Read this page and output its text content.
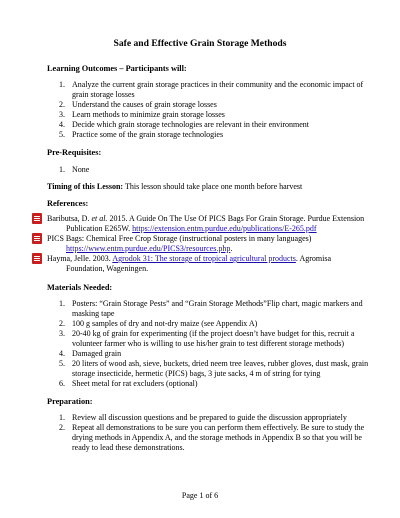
Safe and Effective Grain Storage Methods
Learning Outcomes – Participants will:
1. Analyze the current grain storage practices in their community and the economic impact of
grain storage losses
2. Understand the causes of grain storage losses
3. Learn methods to minimize grain storage losses
4. Decide which grain storage technologies are relevant in their environment
5. Practice some of the grain storage technologies
Pre-Requisites:
1. None
Timing of this Lesson: This lesson should take place one month before harvest
References:
Baributsa, D. et al. 2015. A Guide On The Use Of PICS Bags For Grain Storage. Purdue Extension
Publication E265W. https://extension.entm.purdue.edu/publications/E-265.pdf
PICS Bags: Chemical Free Crop Storage (instructional posters in many languages)
https://www.entm.purdue.edu/PICS3/resources.php.
Hayma, Jelle. 2003. Agrodok 31: The storage of tropical agricultural products. Agromisa
Foundation, Wageningen.
Materials Needed:
1. Posters: “Grain Storage Pests” and “Grain Storage Methods”Flip chart, magic markers and
masking tape
2. 100 g samples of dry and not-dry maize (see Appendix A)
3. 20-40 kg of grain for experimenting (if the project doesn’t have budget for this, recruit a
volunteer farmer who is willing to use his/her grain to test different storage methods)
4. Damaged grain
5. 20 liters of wood ash, sieve, buckets, dried neem tree leaves, rubber gloves, dust mask, grain
storage insecticide, hermetic (PICS) bags, 3 jute sacks, 4 m of string for tying
6. Sheet metal for rat excluders (optional)
Preparation:
1. Review all discussion questions and be prepared to guide the discussion appropriately
2. Repeat all demonstrations to be sure you can perform them effectively. Be sure to study the
drying methods in Appendix A, and the storage methods in Appendix B so that you will be
ready to lead these demonstrations.
Page 1 of 6
